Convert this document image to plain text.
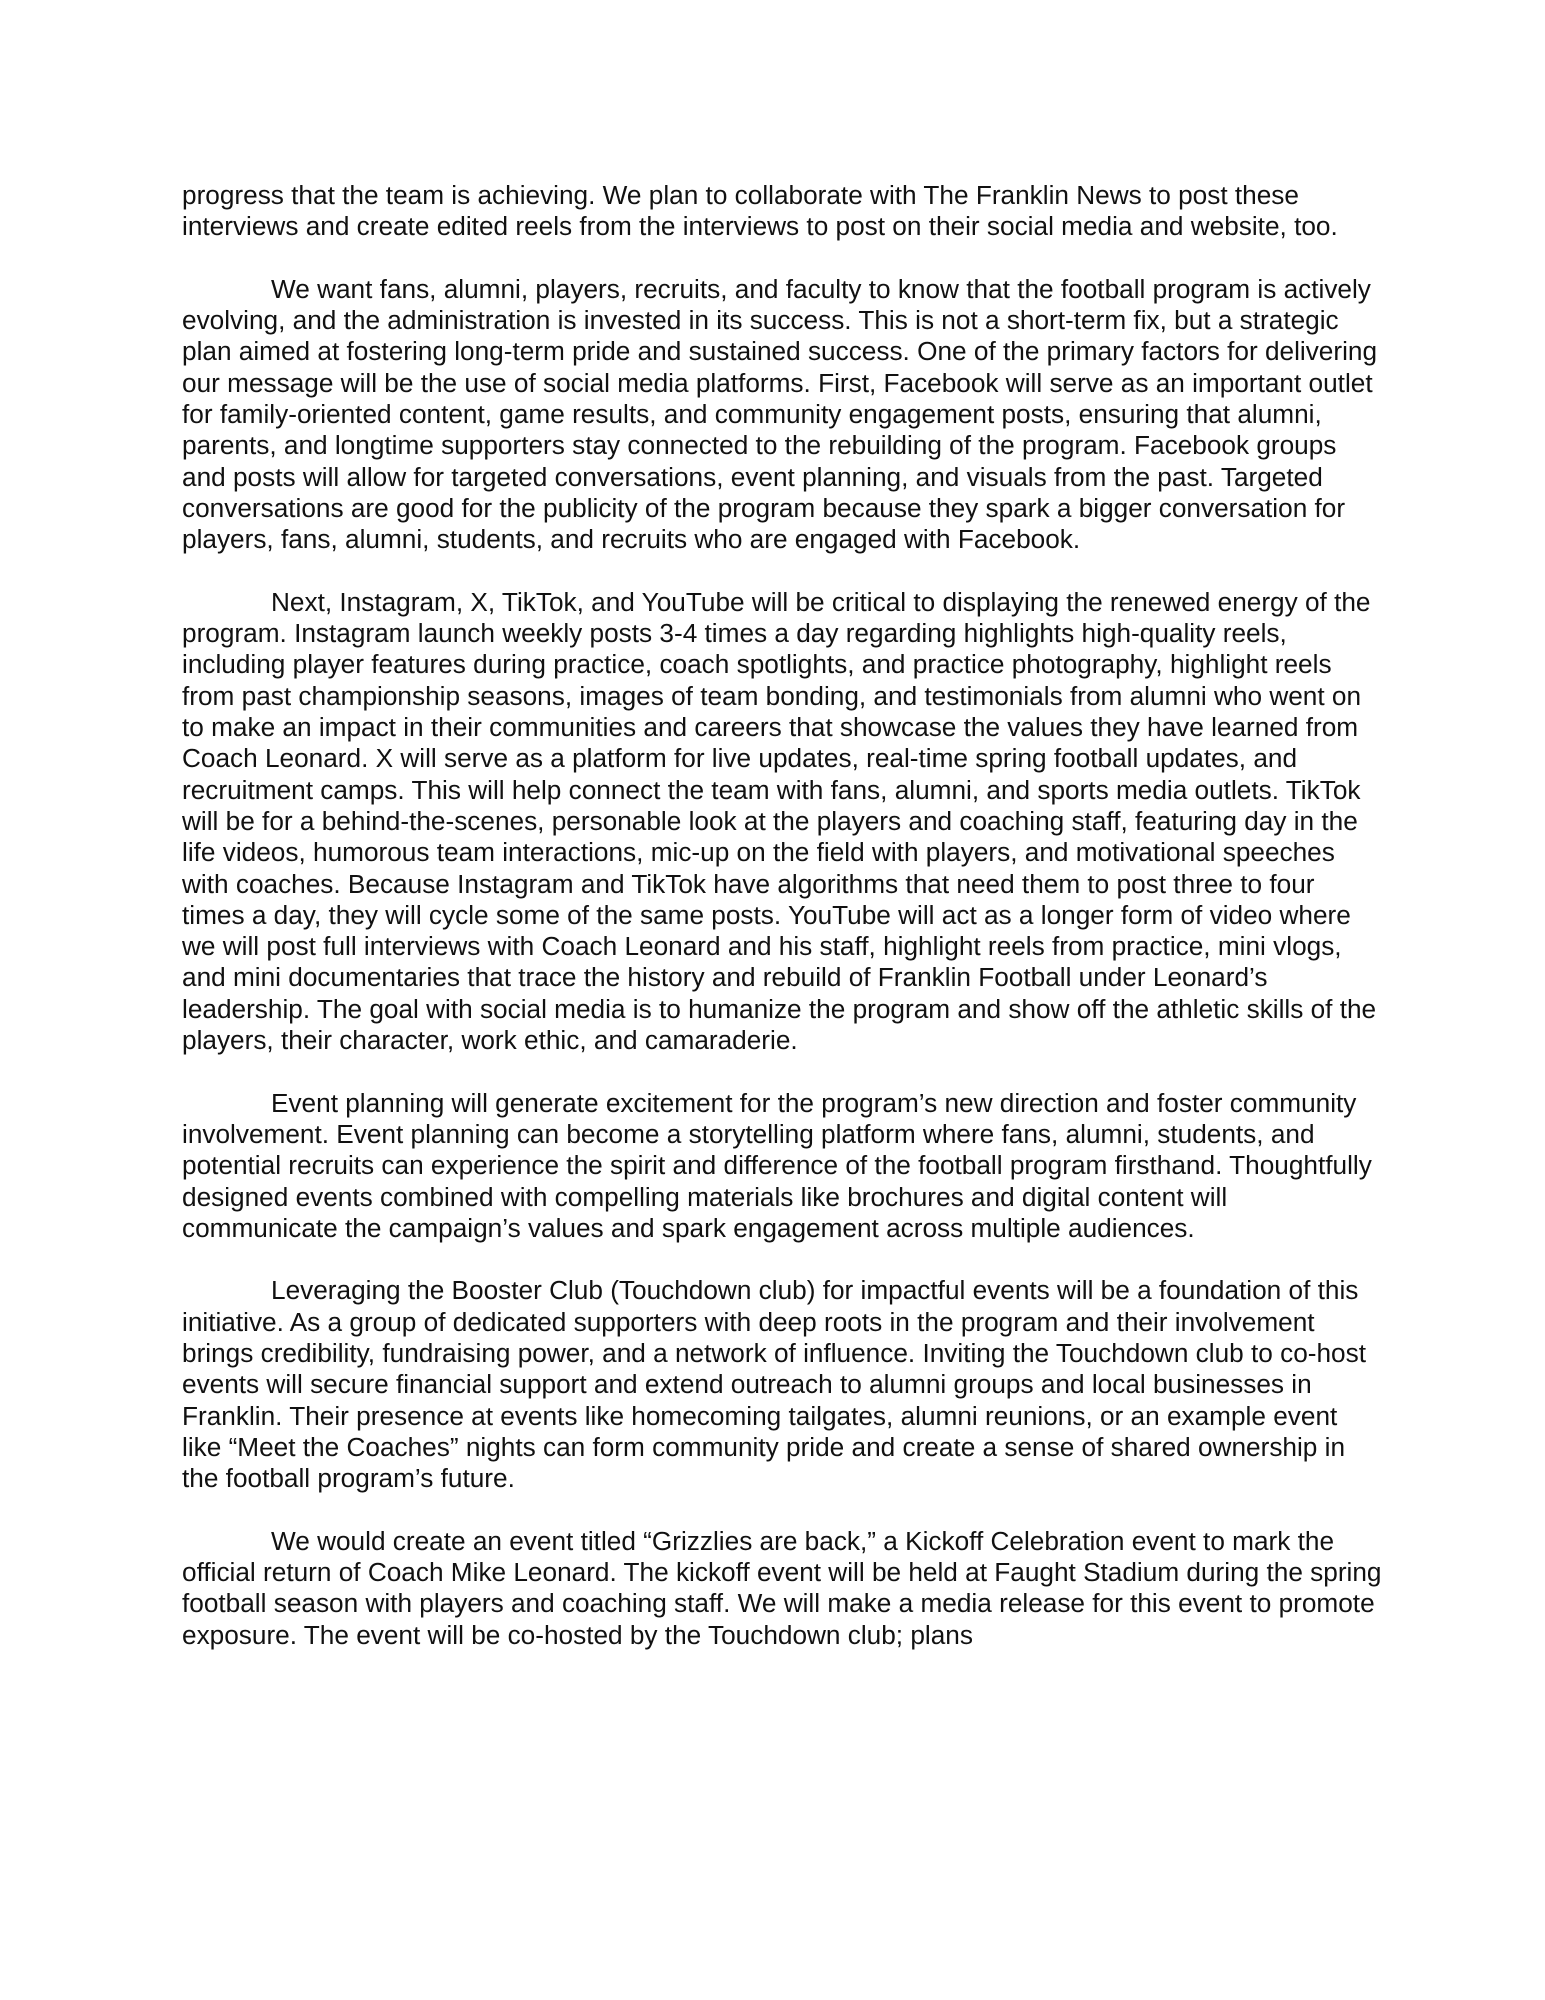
progress that the team is achieving. We plan to collaborate with The Franklin News to post these interviews and create edited reels from the interviews to post on their social media and website, too.

We want fans, alumni, players, recruits, and faculty to know that the football program is actively evolving, and the administration is invested in its success. This is not a short-term fix, but a strategic plan aimed at fostering long-term pride and sustained success. One of the primary factors for delivering our message will be the use of social media platforms. First, Facebook will serve as an important outlet for family-oriented content, game results, and community engagement posts, ensuring that alumni, parents, and longtime supporters stay connected to the rebuilding of the program. Facebook groups and posts will allow for targeted conversations, event planning, and visuals from the past. Targeted conversations are good for the publicity of the program because they spark a bigger conversation for players, fans, alumni, students, and recruits who are engaged with Facebook.

Next, Instagram, X, TikTok, and YouTube will be critical to displaying the renewed energy of the program. Instagram launch weekly posts 3-4 times a day regarding highlights high-quality reels, including player features during practice, coach spotlights, and practice photography, highlight reels from past championship seasons, images of team bonding, and testimonials from alumni who went on to make an impact in their communities and careers that showcase the values they have learned from Coach Leonard. X will serve as a platform for live updates, real-time spring football updates, and recruitment camps. This will help connect the team with fans, alumni, and sports media outlets. TikTok will be for a behind-the-scenes, personable look at the players and coaching staff, featuring day in the life videos, humorous team interactions, mic-up on the field with players, and motivational speeches with coaches. Because Instagram and TikTok have algorithms that need them to post three to four times a day, they will cycle some of the same posts. YouTube will act as a longer form of video where we will post full interviews with Coach Leonard and his staff, highlight reels from practice, mini vlogs, and mini documentaries that trace the history and rebuild of Franklin Football under Leonard’s leadership. The goal with social media is to humanize the program and show off the athletic skills of the players, their character, work ethic, and camaraderie.

Event planning will generate excitement for the program’s new direction and foster community involvement. Event planning can become a storytelling platform where fans, alumni, students, and potential recruits can experience the spirit and difference of the football program firsthand. Thoughtfully designed events combined with compelling materials like brochures and digital content will communicate the campaign’s values and spark engagement across multiple audiences.

Leveraging the Booster Club (Touchdown club) for impactful events will be a foundation of this initiative. As a group of dedicated supporters with deep roots in the program and their involvement brings credibility, fundraising power, and a network of influence. Inviting the Touchdown club to co-host events will secure financial support and extend outreach to alumni groups and local businesses in Franklin. Their presence at events like homecoming tailgates, alumni reunions, or an example event like “Meet the Coaches” nights can form community pride and create a sense of shared ownership in the football program’s future.

We would create an event titled “Grizzlies are back,” a Kickoff Celebration event to mark the official return of Coach Mike Leonard. The kickoff event will be held at Faught Stadium during the spring football season with players and coaching staff. We will make a media release for this event to promote exposure. The event will be co-hosted by the Touchdown club; plans
